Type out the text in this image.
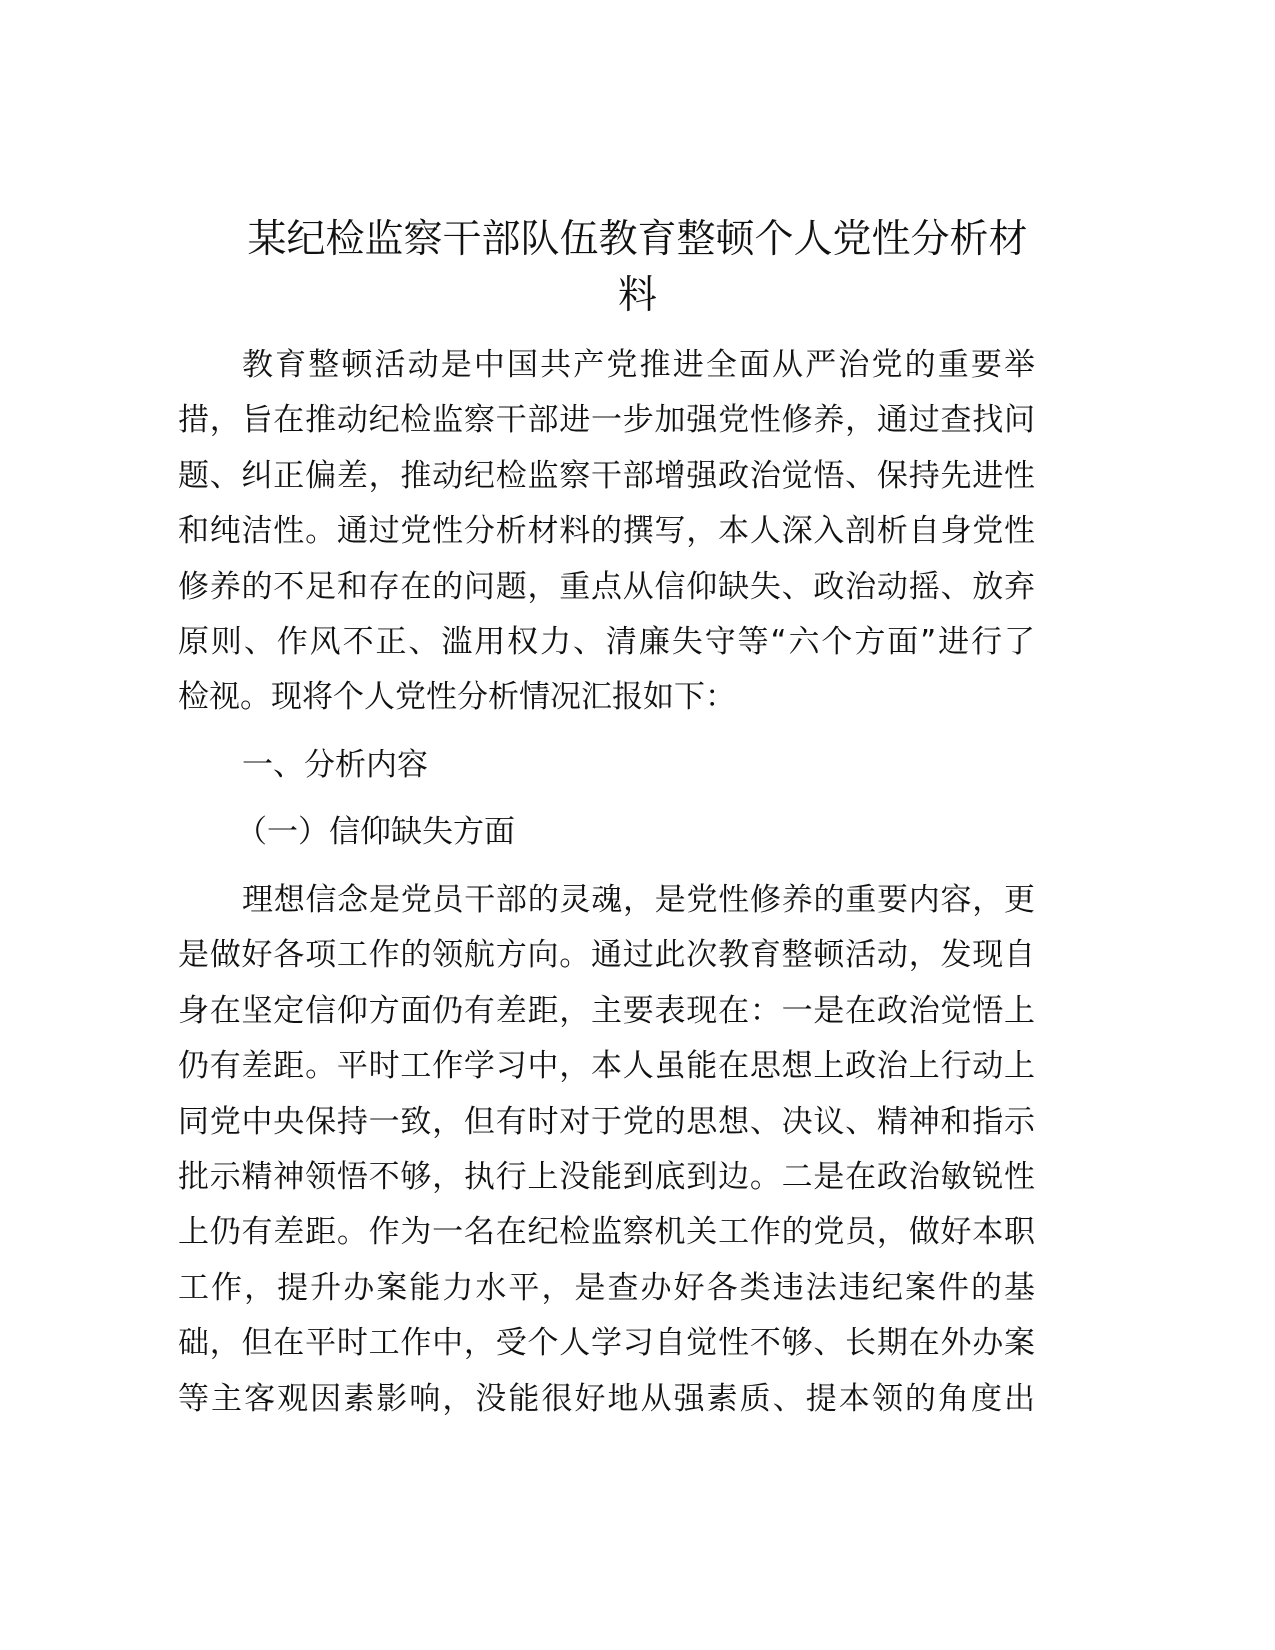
某纪检监察干部队伍教育整顿个人党性分析材
料
教育整顿活动是中国共产党推进全面从严治党的重要举
措，旨在推动纪检监察干部进一步加强党性修养，通过查找问
题、纠正偏差，推动纪检监察干部增强政治觉悟、保持先进性
和纯洁性。通过党性分析材料的撰写，本人深入剖析自身党性
修养的不足和存在的问题，重点从信仰缺失、政治动摇、放弃
原则、作风不正、滥用权力、清廉失守等“六个方面”进行了
检视。现将个人党性分析情况汇报如下：
一、分析内容
（一）信仰缺失方面
理想信念是党员干部的灵魂，是党性修养的重要内容，更
是做好各项工作的领航方向。通过此次教育整顿活动，发现自
身在坚定信仰方面仍有差距，主要表现在：一是在政治觉悟上
仍有差距。平时工作学习中，本人虽能在思想上政治上行动上
同党中央保持一致，但有时对于党的思想、决议、精神和指示
批示精神领悟不够，执行上没能到底到边。二是在政治敏锐性
上仍有差距。作为一名在纪检监察机关工作的党员，做好本职
工作，提升办案能力水平，是查办好各类违法违纪案件的基
础，但在平时工作中，受个人学习自觉性不够、长期在外办案
等主客观因素影响，没能很好地从强素质、提本领的角度出
